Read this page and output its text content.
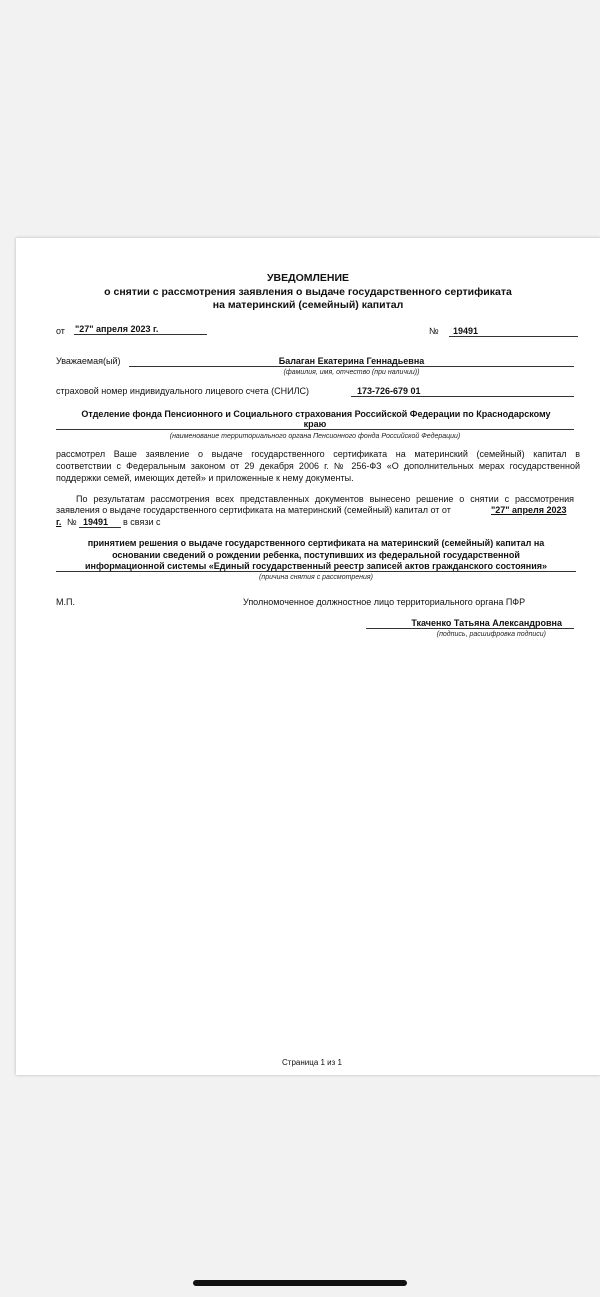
УВЕДОМЛЕНИЕ
о снятии с рассмотрения заявления о выдаче государственного сертификата
на материнский (семейный) капитал
от "27" апреля 2023 г.	№	19491
Уважаемая(ый)	Балаган Екатерина Геннадьевна
(фамилия, имя, отчество (при наличии))
страховой номер индивидуального лицевого счета (СНИЛС)	173-726-679 01
Отделение фонда Пенсионного и Социального страхования Российской Федерации по Краснодарскому
краю
(наименование территориального органа Пенсионного фонда Российской Федерации)
рассмотрел Ваше заявление о выдаче государственного сертификата на материнский (семейный) капитал в
соответствии с Федеральным законом от 29 декабря 2006 г. № 256-ФЗ «О дополнительных мерах государственной
поддержки семей, имеющих детей» и приложенные к нему документы.
По результатам рассмотрения всех представленных документов вынесено решение о снятии с рассмотрения
заявления о выдаче государственного сертификата на материнский (семейный) капитал от от	"27" апреля 2023
г. № 19491	в связи с
принятием решения о выдаче государственного сертификата на материнский (семейный) капитал на
основании сведений о рождении ребенка, поступивших из федеральной государственной
информационной системы «Единый государственный реестр записей актов гражданского состояния»
(причина снятия с рассмотрения)
М.П.	Уполномоченное должностное лицо территориального органа ПФР
Ткаченко Татьяна Александровна
(подпись, расшифровка подписи)
Страница 1 из 1
